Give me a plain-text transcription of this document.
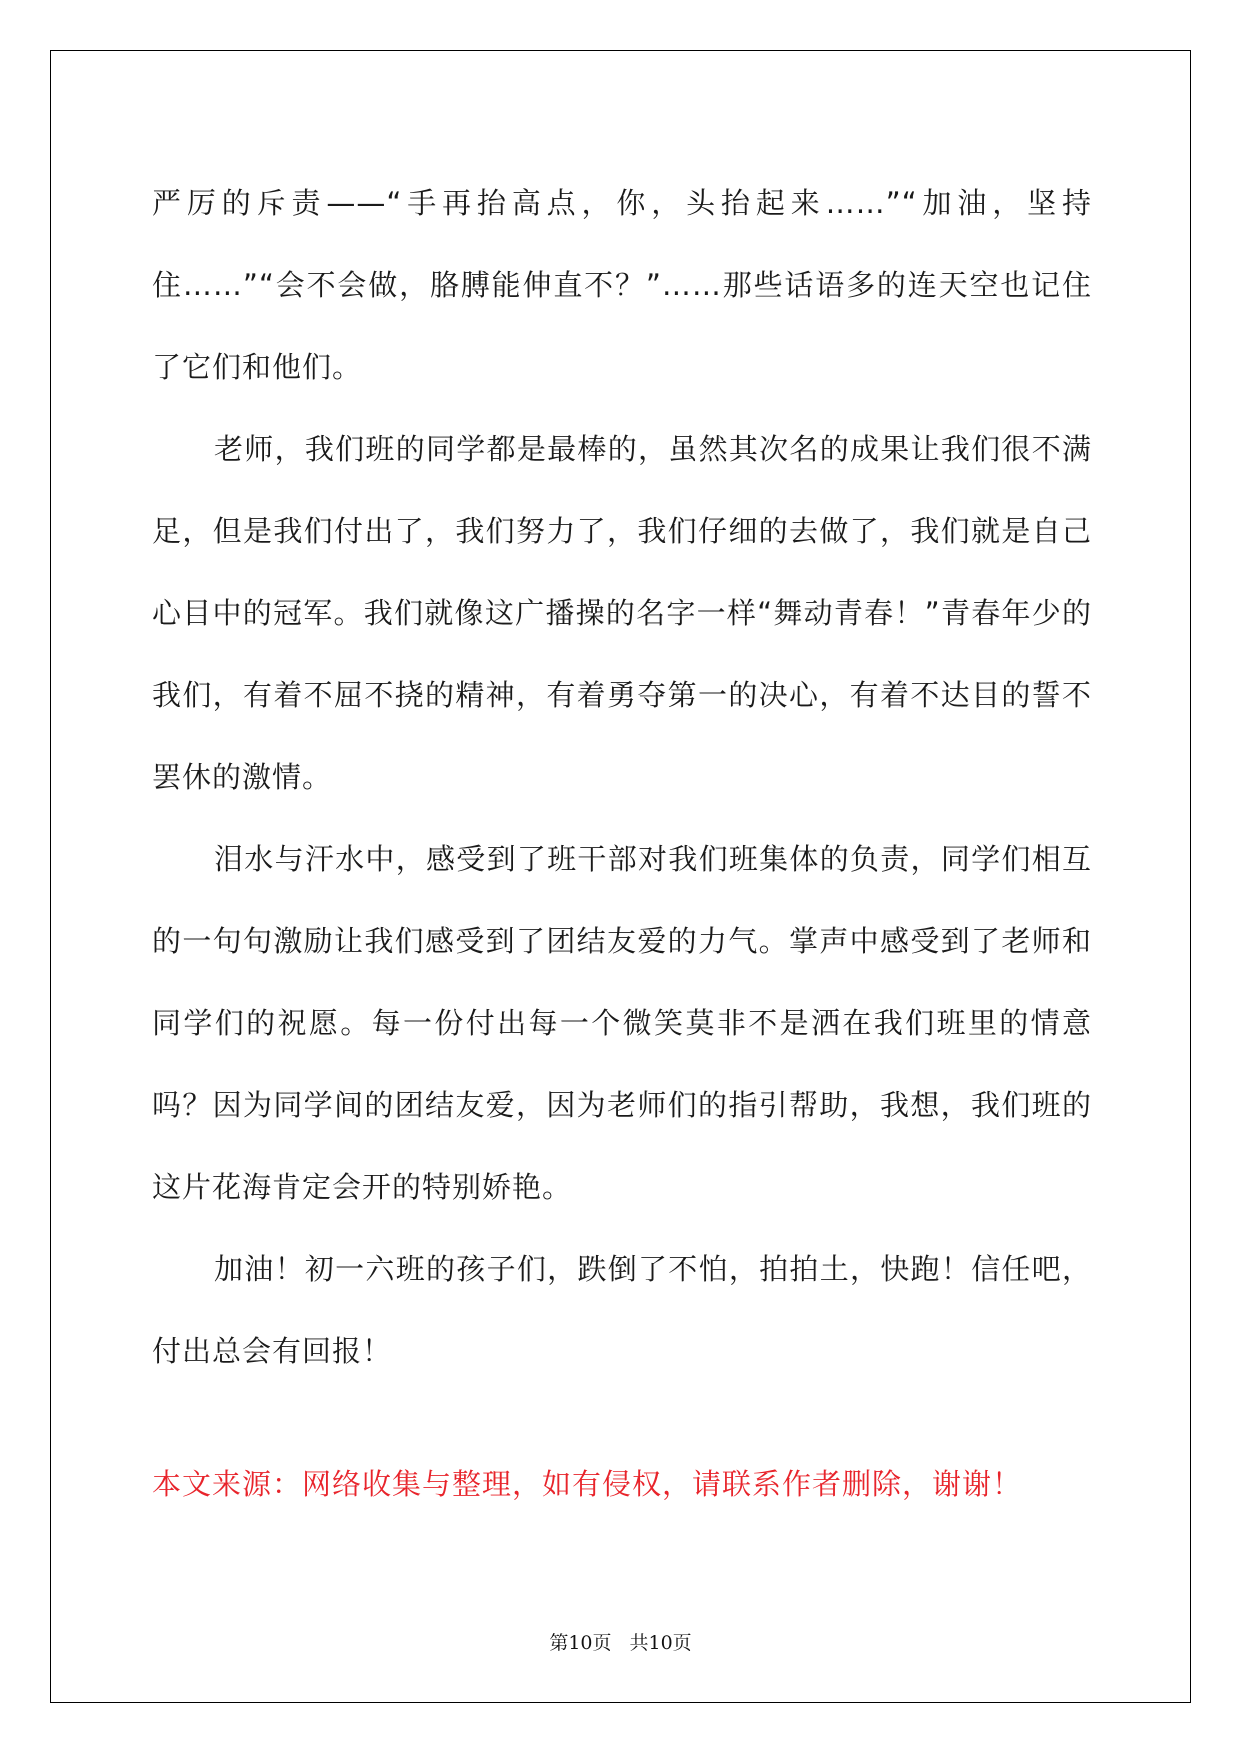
严厉的斥责——“手再抬高点，你，头抬起来……”“加油，坚持住……”“会不会做，胳膊能伸直不？”……那些话语多的连天空也记住了它们和他们。

老师，我们班的同学都是最棒的，虽然其次名的成果让我们很不满足，但是我们付出了，我们努力了，我们仔细的去做了，我们就是自己心目中的冠军。我们就像这广播操的名字一样“舞动青春！”青春年少的我们，有着不屈不挠的精神，有着勇夺第一的决心，有着不达目的誓不罢休的激情。

泪水与汗水中，感受到了班干部对我们班集体的负责，同学们相互的一句句激励让我们感受到了团结友爱的力气。掌声中感受到了老师和同学们的祝愿。每一份付出每一个微笑莫非不是洒在我们班里的情意吗？因为同学间的团结友爱，因为老师们的指引帮助，我想，我们班的这片花海肯定会开的特别娇艳。

加油！初一六班的孩子们，跌倒了不怕，拍拍土，快跑！信任吧，付出总会有回报！

本文来源：网络收集与整理，如有侵权，请联系作者删除，谢谢！

第10页 共10页
